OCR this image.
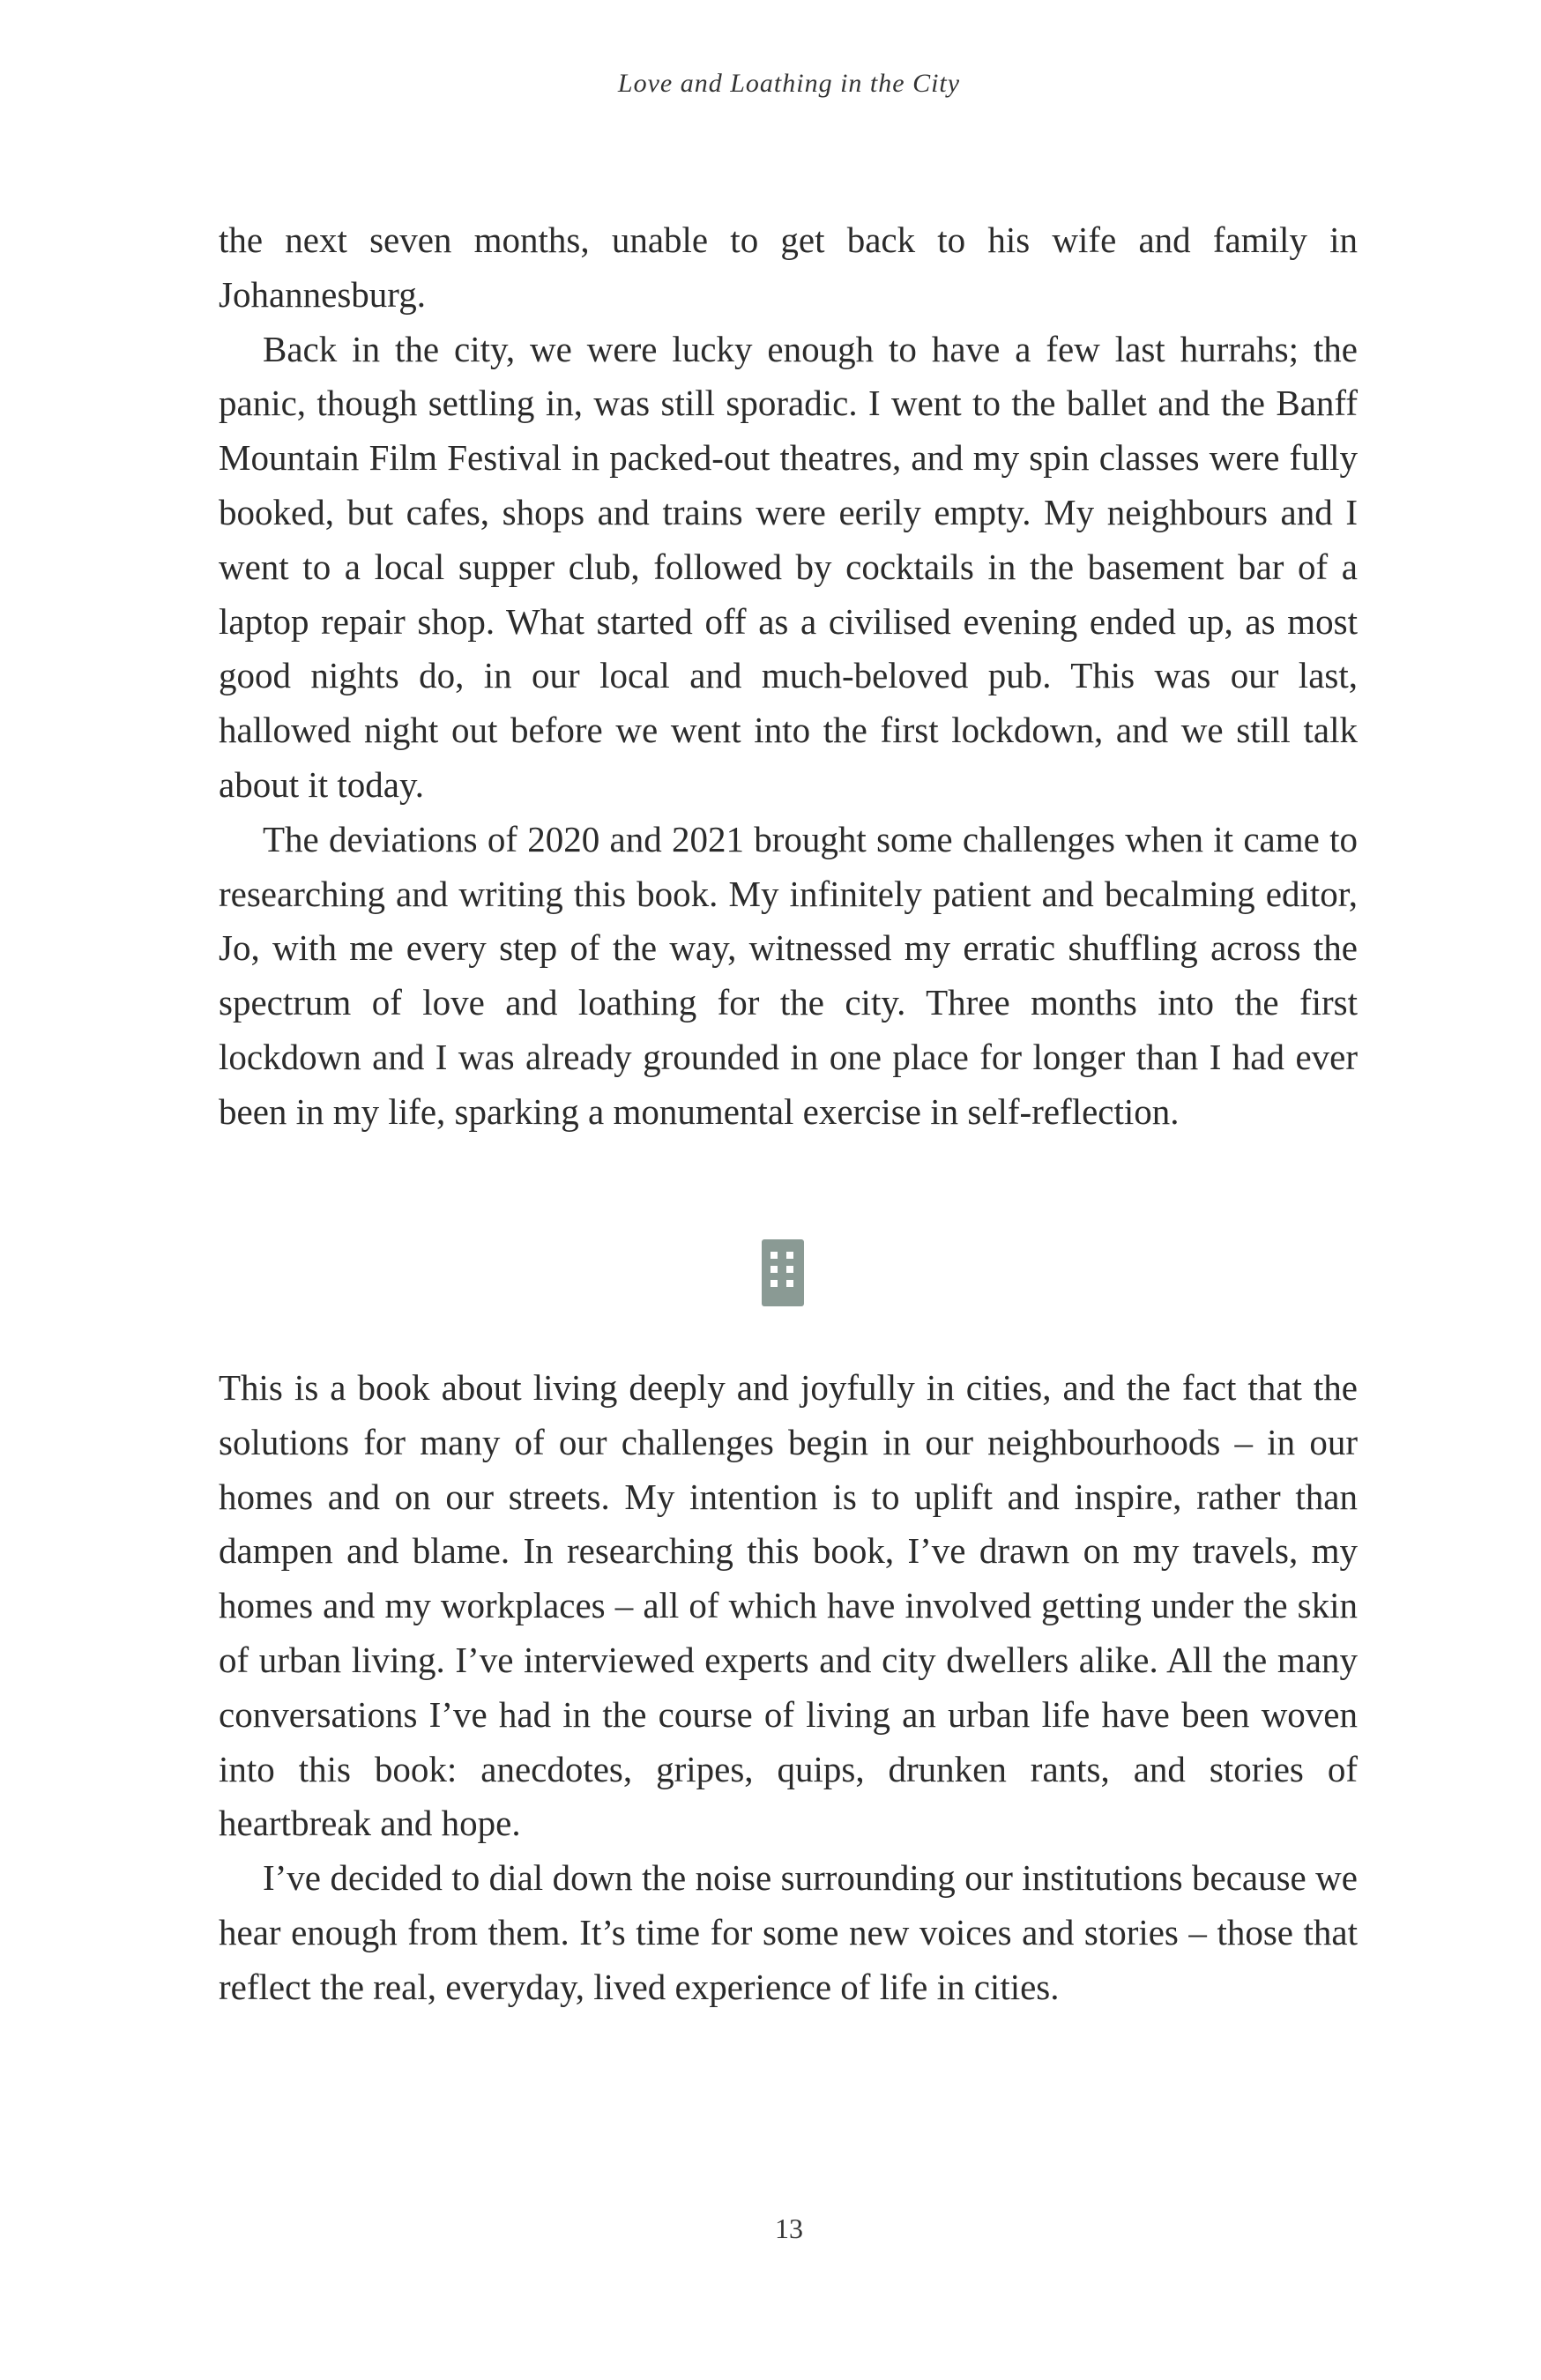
Love and Loathing in the City

the next seven months, unable to get back to his wife and family in Johannesburg.

Back in the city, we were lucky enough to have a few last hurrahs; the panic, though settling in, was still sporadic. I went to the ballet and the Banff Mountain Film Festival in packed-out theatres, and my spin classes were fully booked, but cafes, shops and trains were eerily empty. My neighbours and I went to a local supper club, followed by cocktails in the basement bar of a laptop repair shop. What started off as a civilised evening ended up, as most good nights do, in our local and much-beloved pub. This was our last, hallowed night out before we went into the first lockdown, and we still talk about it today.

The deviations of 2020 and 2021 brought some challenges when it came to researching and writing this book. My infinitely patient and becalming editor, Jo, with me every step of the way, witnessed my erratic shuffling across the spectrum of love and loathing for the city. Three months into the first lockdown and I was already grounded in one place for longer than I had ever been in my life, sparking a monumental exercise in self-reflection.

This is a book about living deeply and joyfully in cities, and the fact that the solutions for many of our challenges begin in our neighbourhoods – in our homes and on our streets. My intention is to uplift and inspire, rather than dampen and blame. In researching this book, I’ve drawn on my travels, my homes and my workplaces – all of which have involved getting under the skin of urban living. I’ve interviewed experts and city dwellers alike. All the many conversations I’ve had in the course of living an urban life have been woven into this book: anecdotes, gripes, quips, drunken rants, and stories of heartbreak and hope.

I’ve decided to dial down the noise surrounding our institutions because we hear enough from them. It’s time for some new voices and stories – those that reflect the real, everyday, lived experience of life in cities.

13
